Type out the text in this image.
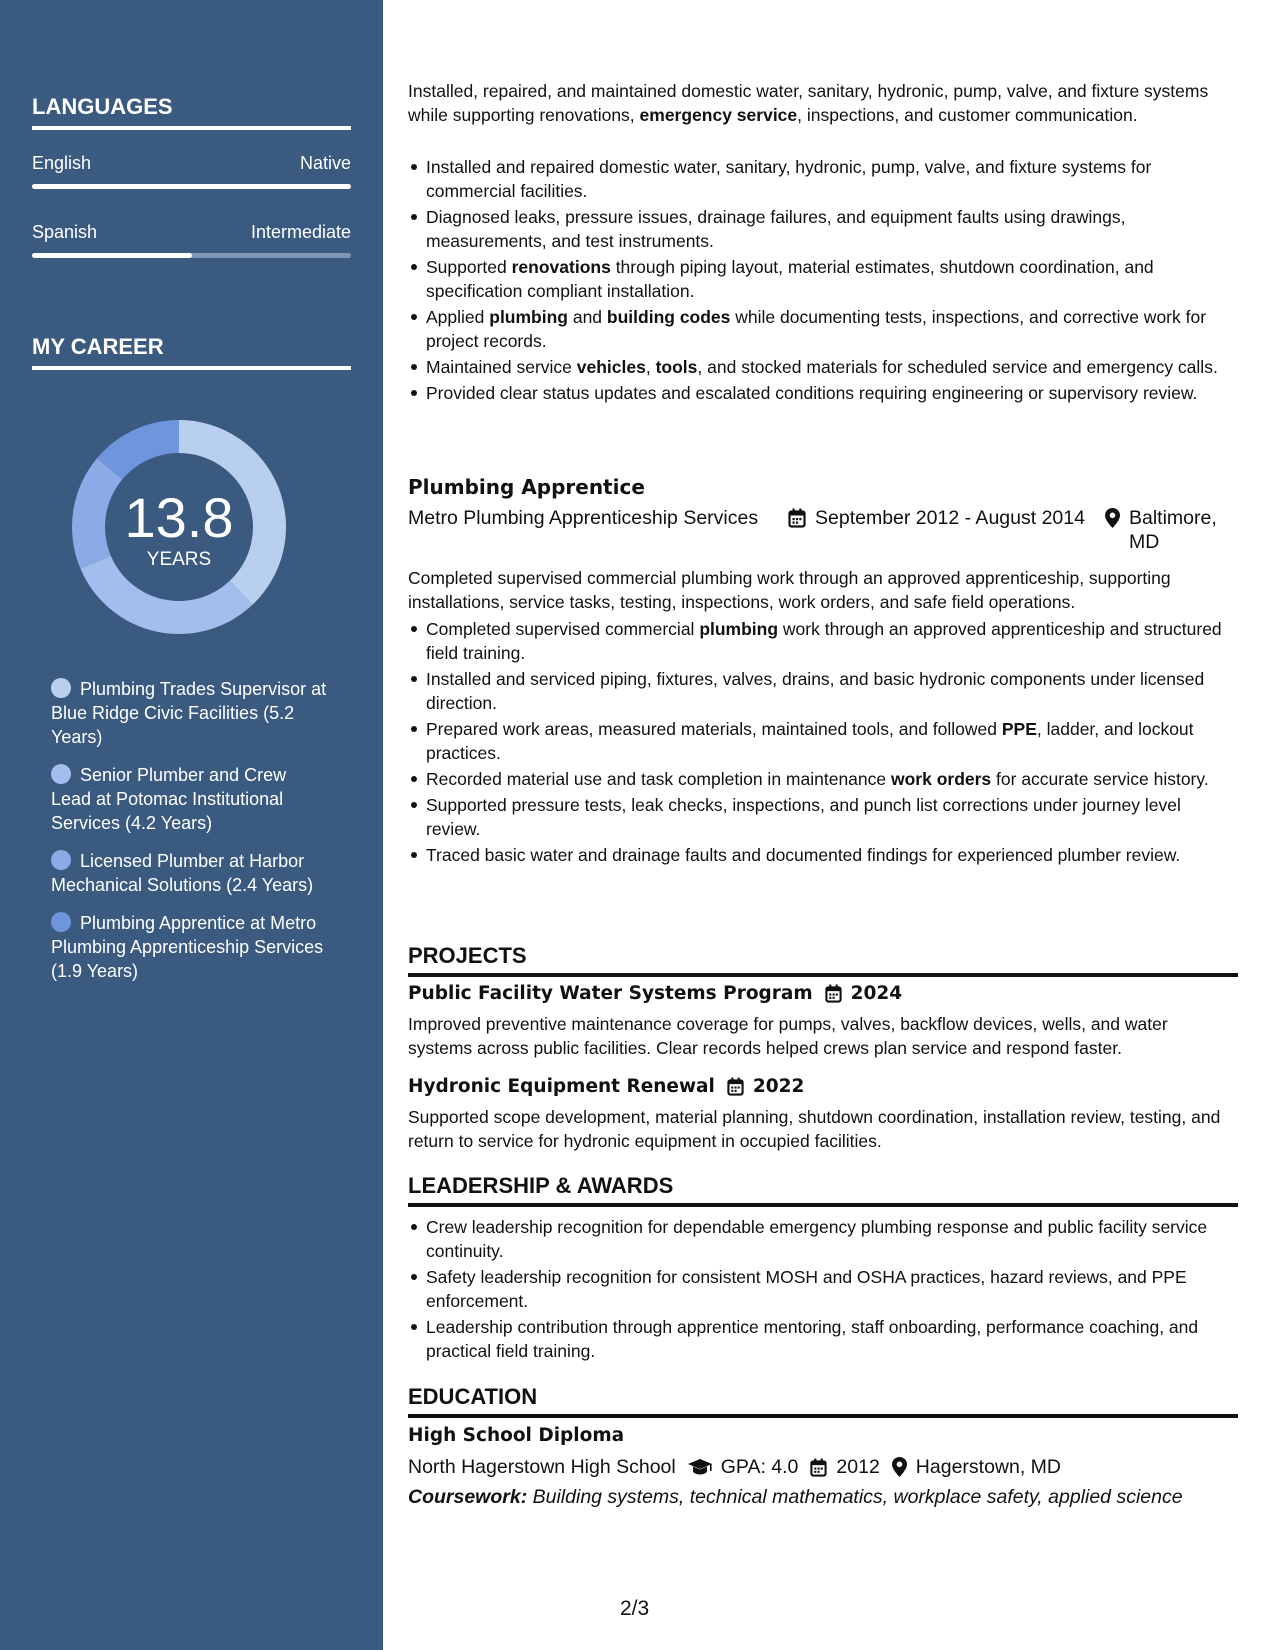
LANGUAGES
English	Native
Spanish	Intermediate
MY CAREER
13.8
YEARS
Plumbing Trades Supervisor at Blue Ridge Civic Facilities (5.2 Years)
Senior Plumber and Crew Lead at Potomac Institutional Services (4.2 Years)
Licensed Plumber at Harbor Mechanical Solutions (2.4 Years)
Plumbing Apprentice at Metro Plumbing Apprenticeship Services (1.9 Years)
Installed, repaired, and maintained domestic water, sanitary, hydronic, pump, valve, and fixture systems while supporting renovations, emergency service, inspections, and customer communication.
Installed and repaired domestic water, sanitary, hydronic, pump, valve, and fixture systems for commercial facilities.
Diagnosed leaks, pressure issues, drainage failures, and equipment faults using drawings, measurements, and test instruments.
Supported renovations through piping layout, material estimates, shutdown coordination, and specification compliant installation.
Applied plumbing and building codes while documenting tests, inspections, and corrective work for project records.
Maintained service vehicles, tools, and stocked materials for scheduled service and emergency calls.
Provided clear status updates and escalated conditions requiring engineering or supervisory review.
Plumbing Apprentice
Metro Plumbing Apprenticeship Services	September 2012 - August 2014 Baltimore, MD
Completed supervised commercial plumbing work through an approved apprenticeship, supporting installations, service tasks, testing, inspections, work orders, and safe field operations.
Completed supervised commercial plumbing work through an approved apprenticeship and structured field training.
Installed and serviced piping, fixtures, valves, drains, and basic hydronic components under licensed direction.
Prepared work areas, measured materials, maintained tools, and followed PPE, ladder, and lockout practices.
Recorded material use and task completion in maintenance work orders for accurate service history.
Supported pressure tests, leak checks, inspections, and punch list corrections under journey level review.
Traced basic water and drainage faults and documented findings for experienced plumber review.
PROJECTS
Public Facility Water Systems Program 2024
Improved preventive maintenance coverage for pumps, valves, backflow devices, wells, and water systems across public facilities. Clear records helped crews plan service and respond faster.
Hydronic Equipment Renewal 2022
Supported scope development, material planning, shutdown coordination, installation review, testing, and return to service for hydronic equipment in occupied facilities.
LEADERSHIP & AWARDS
Crew leadership recognition for dependable emergency plumbing response and public facility service continuity.
Safety leadership recognition for consistent MOSH and OSHA practices, hazard reviews, and PPE enforcement.
Leadership contribution through apprentice mentoring, staff onboarding, performance coaching, and practical field training.
EDUCATION
High School Diploma
North Hagerstown High School GPA: 4.0 2012 Hagerstown, MD
Coursework: Building systems, technical mathematics, workplace safety, applied science
2/3
